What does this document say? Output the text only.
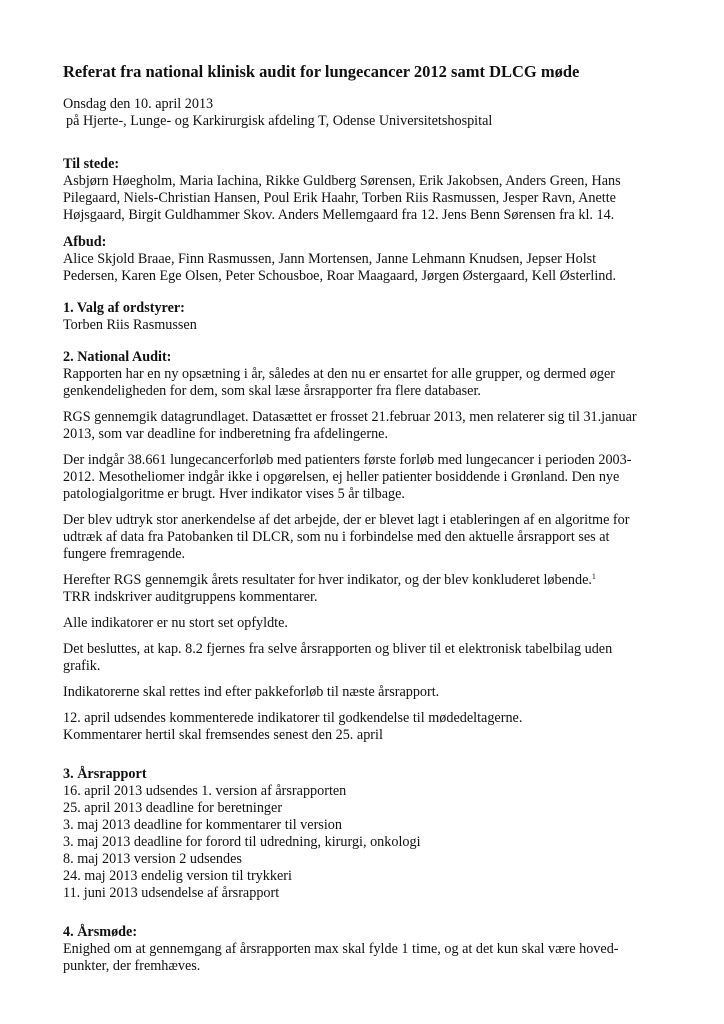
Referat fra national klinisk audit for lungecancer 2012 samt DLCG møde

Onsdag den 10. april 2013

på Hjerte-, Lunge- og Karkirurgisk afdeling T, Odense Universitetshospital

Til stede:

Asbjørn Høegholm, Maria Iachina, Rikke Guldberg Sørensen, Erik Jakobsen, Anders Green, Hans

Pilegaard, Niels-Christian Hansen, Poul Erik Haahr, Torben Riis Rasmussen, Jesper Ravn, Anette

Højsgaard, Birgit Guldhammer Skov. Anders Mellemgaard fra 12. Jens Benn Sørensen fra kl. 14.

Afbud:

Alice Skjold Braae, Finn Rasmussen, Jann Mortensen, Janne Lehmann Knudsen, Jepser Holst

Pedersen, Karen Ege Olsen, Peter Schousboe, Roar Maagaard, Jørgen Østergaard, Kell Østerlind.

1. Valg af ordstyrer:

Torben Riis Rasmussen

2. National Audit:

Rapporten har en ny opsætning i år, således at den nu er ensartet for alle grupper, og dermed øger

genkendeligheden for dem, som skal læse årsrapporter fra flere databaser.

RGS gennemgik datagrundlaget. Datasættet er frosset 21.februar 2013, men relaterer sig til 31.januar

2013, som var deadline for indberetning fra afdelingerne.

Der indgår 38.661 lungecancerforløb med patienters første forløb med lungecancer i perioden 2003-

2012. Mesotheliomer indgår ikke i opgørelsen, ej heller patienter bosiddende i Grønland. Den nye

patologialgoritme er brugt. Hver indikator vises 5 år tilbage.

Der blev udtryk stor anerkendelse af det arbejde, der er blevet lagt i etableringen af en algoritme for

udtræk af data fra Patobanken til DLCR, som nu i forbindelse med den aktuelle årsrapport ses at

fungere fremragende.

Herefter RGS gennemgik årets resultater for hver indikator, og der blev konkluderet løbende.$^1$

TRR indskriver auditgruppens kommentarer.

Alle indikatorer er nu stort set opfyldte.

Det besluttes, at kap. 8.2 fjernes fra selve årsrapporten og bliver til et elektronisk tabelbilag uden

grafik.

Indikatorerne skal rettes ind efter pakkeforløb til næste årsrapport.

12. april udsendes kommenterede indikatorer til godkendelse til mødedeltagerne.

Kommentarer hertil skal fremsendes senest den 25. april

3. Årsrapport

16. april 2013 udsendes 1. version af årsrapporten

25. april 2013 deadline for beretninger

3. maj 2013 deadline for kommentarer til version

3. maj 2013 deadline for forord til udredning, kirurgi, onkologi

8. maj 2013 version 2 udsendes

24. maj 2013 endelig version til trykkeri

11. juni 2013 udsendelse af årsrapport

4. Årsmøde:

Enighed om at gennemgang af årsrapporten max skal fylde 1 time, og at det kun skal være hoved-

punkter, der fremhæves.
